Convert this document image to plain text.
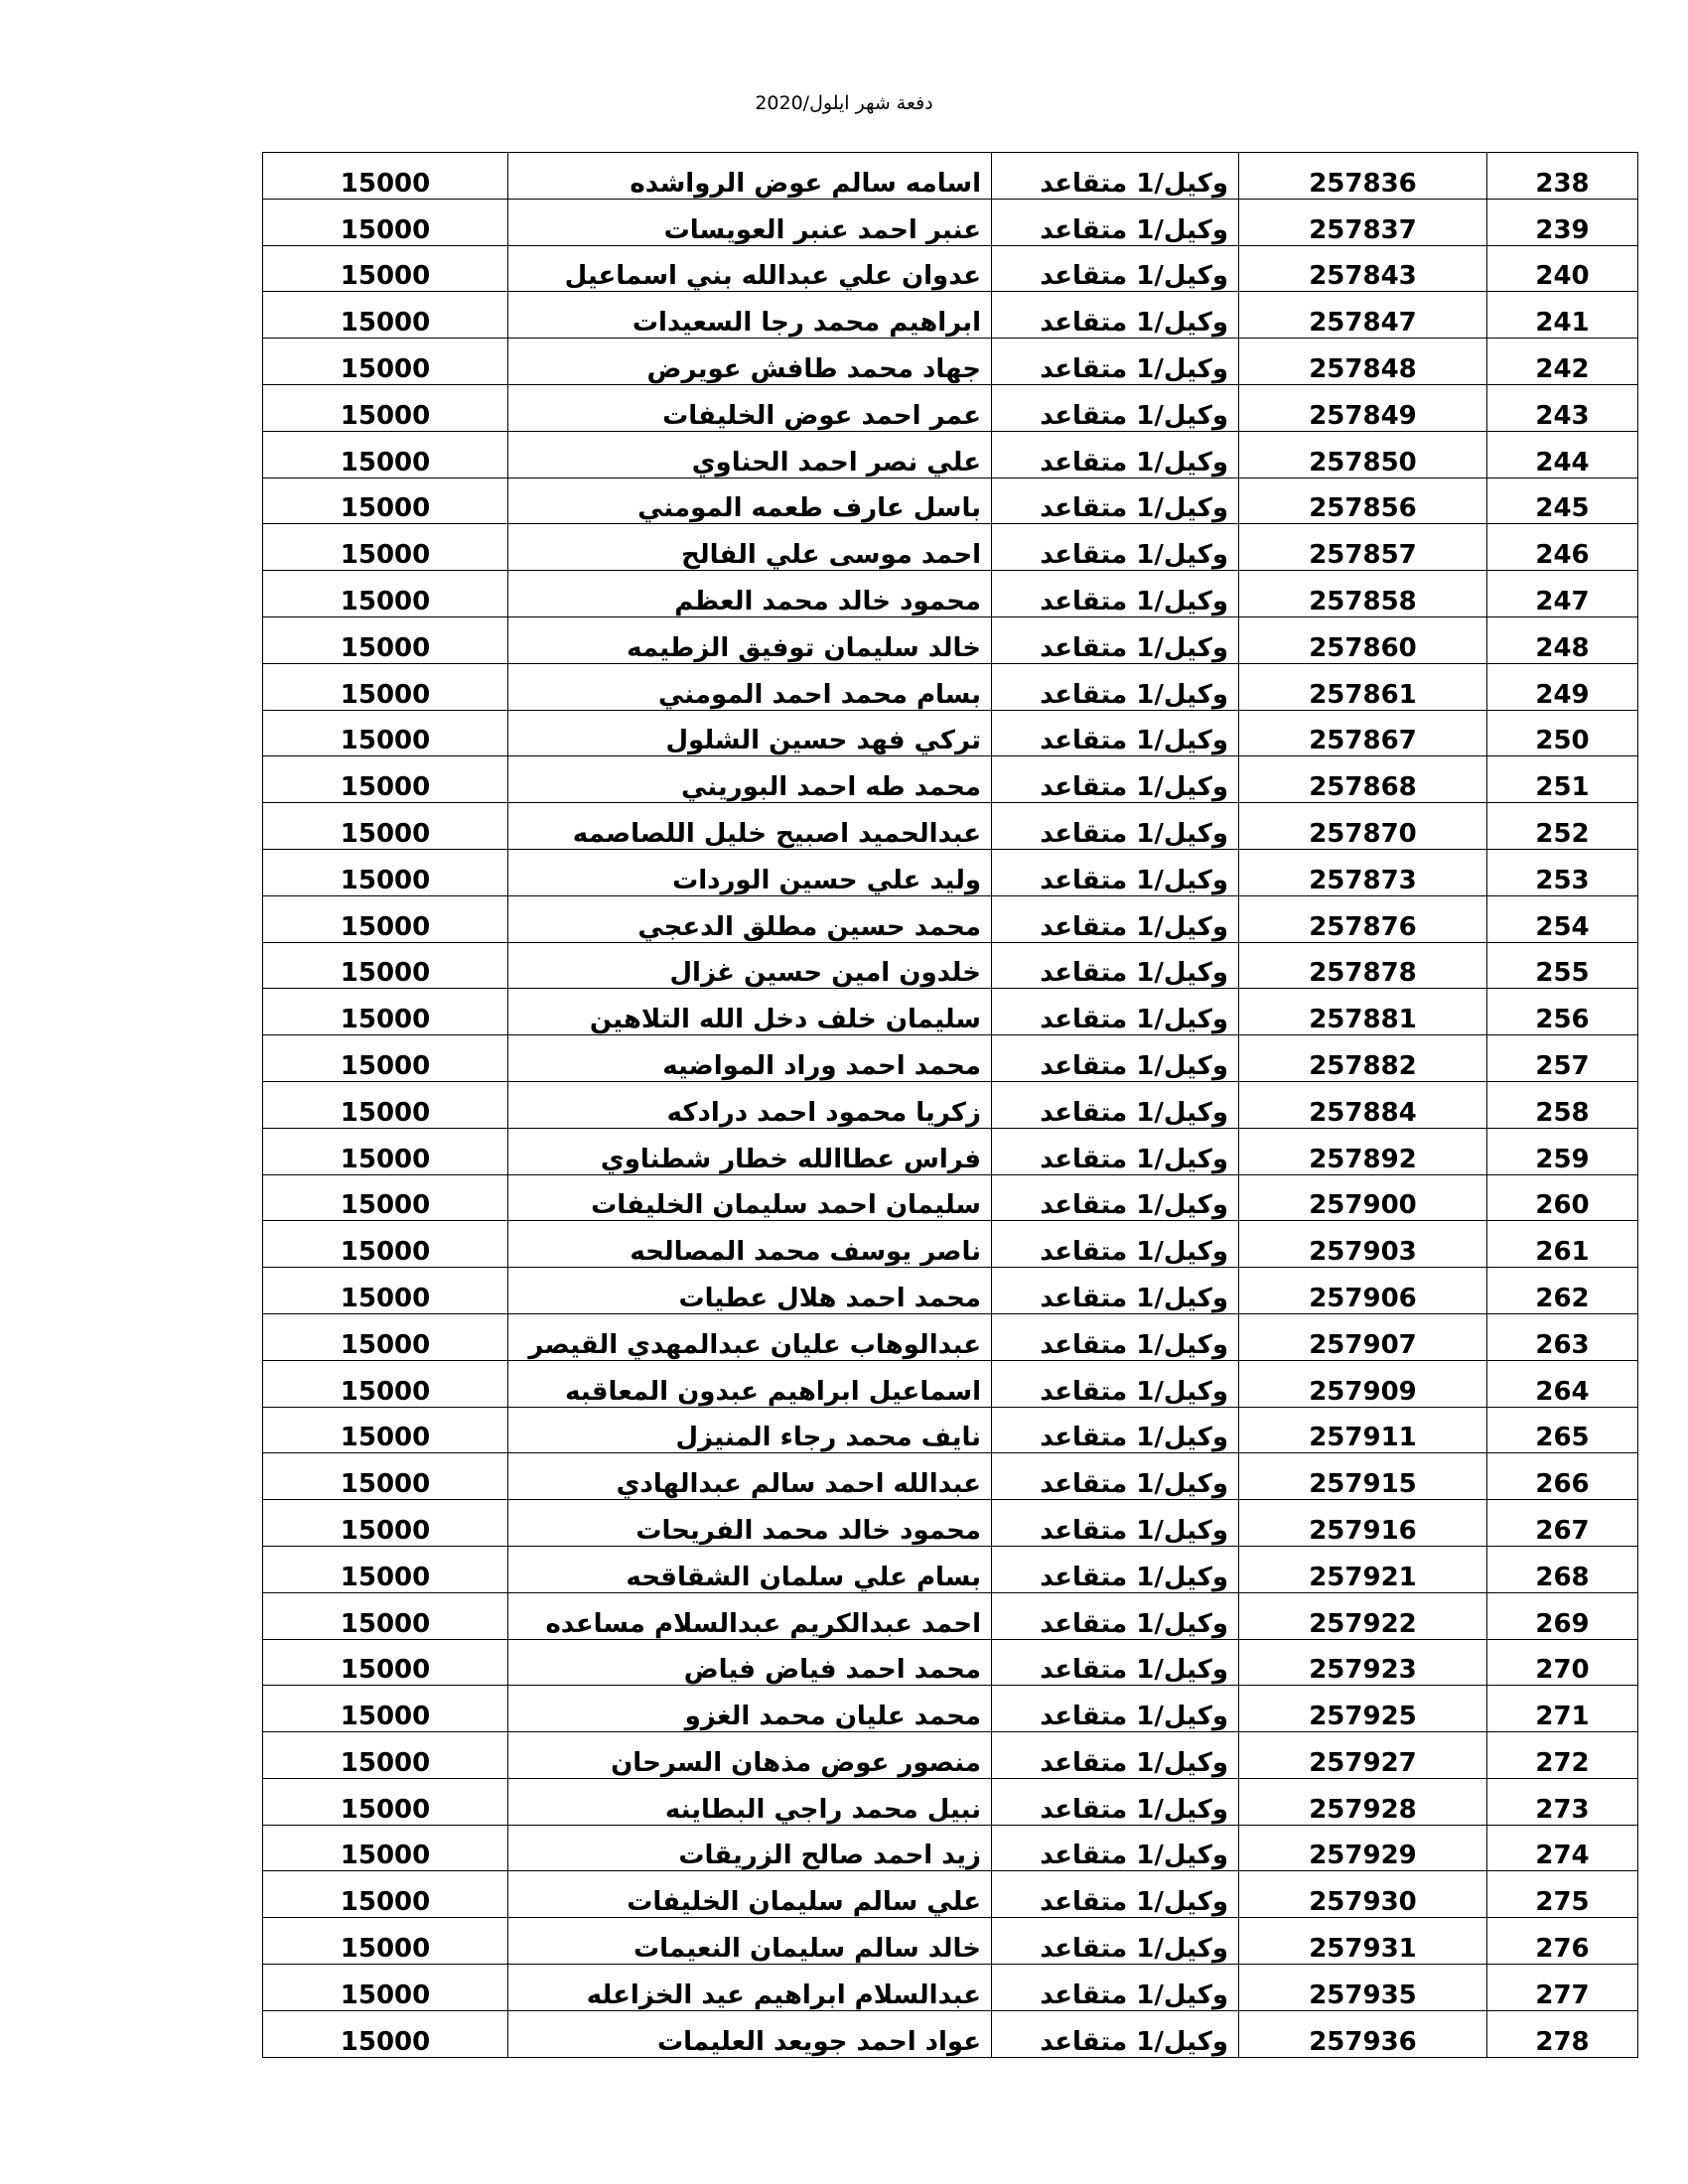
دفعة شهر ايلول/2020
238	257836	وكيل/1 متقاعد	اسامه سالم عوض الرواشده	15000
239	257837	وكيل/1 متقاعد	عنبر احمد عنبر العويسات	15000
240	257843	وكيل/1 متقاعد	عدوان علي عبدالله بني اسماعيل	15000
241	257847	وكيل/1 متقاعد	ابراهيم محمد رجا السعيدات	15000
242	257848	وكيل/1 متقاعد	جهاد محمد طافش عويرض	15000
243	257849	وكيل/1 متقاعد	عمر احمد عوض الخليفات	15000
244	257850	وكيل/1 متقاعد	علي نصر احمد الحناوي	15000
245	257856	وكيل/1 متقاعد	باسل عارف طعمه المومني	15000
246	257857	وكيل/1 متقاعد	احمد موسى علي الفالح	15000
247	257858	وكيل/1 متقاعد	محمود خالد محمد العظم	15000
248	257860	وكيل/1 متقاعد	خالد سليمان توفيق الزطيمه	15000
249	257861	وكيل/1 متقاعد	بسام محمد احمد المومني	15000
250	257867	وكيل/1 متقاعد	تركي فهد حسين الشلول	15000
251	257868	وكيل/1 متقاعد	محمد طه احمد البوريني	15000
252	257870	وكيل/1 متقاعد	عبدالحميد اصبيح خليل اللصاصمه	15000
253	257873	وكيل/1 متقاعد	وليد علي حسين الوردات	15000
254	257876	وكيل/1 متقاعد	محمد حسين مطلق الدعجي	15000
255	257878	وكيل/1 متقاعد	خلدون امين حسين غزال	15000
256	257881	وكيل/1 متقاعد	سليمان خلف دخل الله التلاهين	15000
257	257882	وكيل/1 متقاعد	محمد احمد وراد المواضيه	15000
258	257884	وكيل/1 متقاعد	زكريا محمود احمد درادكه	15000
259	257892	وكيل/1 متقاعد	فراس عطاالله خطار شطناوي	15000
260	257900	وكيل/1 متقاعد	سليمان احمد سليمان الخليفات	15000
261	257903	وكيل/1 متقاعد	ناصر يوسف محمد المصالحه	15000
262	257906	وكيل/1 متقاعد	محمد احمد هلال عطيات	15000
263	257907	وكيل/1 متقاعد	عبدالوهاب عليان عبدالمهدي القيصر	15000
264	257909	وكيل/1 متقاعد	اسماعيل ابراهيم عبدون المعاقبه	15000
265	257911	وكيل/1 متقاعد	نايف محمد رجاء المنيزل	15000
266	257915	وكيل/1 متقاعد	عبدالله احمد سالم عبدالهادي	15000
267	257916	وكيل/1 متقاعد	محمود خالد محمد الفريحات	15000
268	257921	وكيل/1 متقاعد	بسام علي سلمان الشقاقحه	15000
269	257922	وكيل/1 متقاعد	احمد عبدالكريم عبدالسلام مساعده	15000
270	257923	وكيل/1 متقاعد	محمد احمد فياض فياض	15000
271	257925	وكيل/1 متقاعد	محمد عليان محمد الغزو	15000
272	257927	وكيل/1 متقاعد	منصور عوض مذهان السرحان	15000
273	257928	وكيل/1 متقاعد	نبيل محمد راجي البطاينه	15000
274	257929	وكيل/1 متقاعد	زيد احمد صالح الزريقات	15000
275	257930	وكيل/1 متقاعد	علي سالم سليمان الخليفات	15000
276	257931	وكيل/1 متقاعد	خالد سالم سليمان النعيمات	15000
277	257935	وكيل/1 متقاعد	عبدالسلام ابراهيم عيد الخزاعله	15000
278	257936	وكيل/1 متقاعد	عواد احمد جويعد العليمات	15000
